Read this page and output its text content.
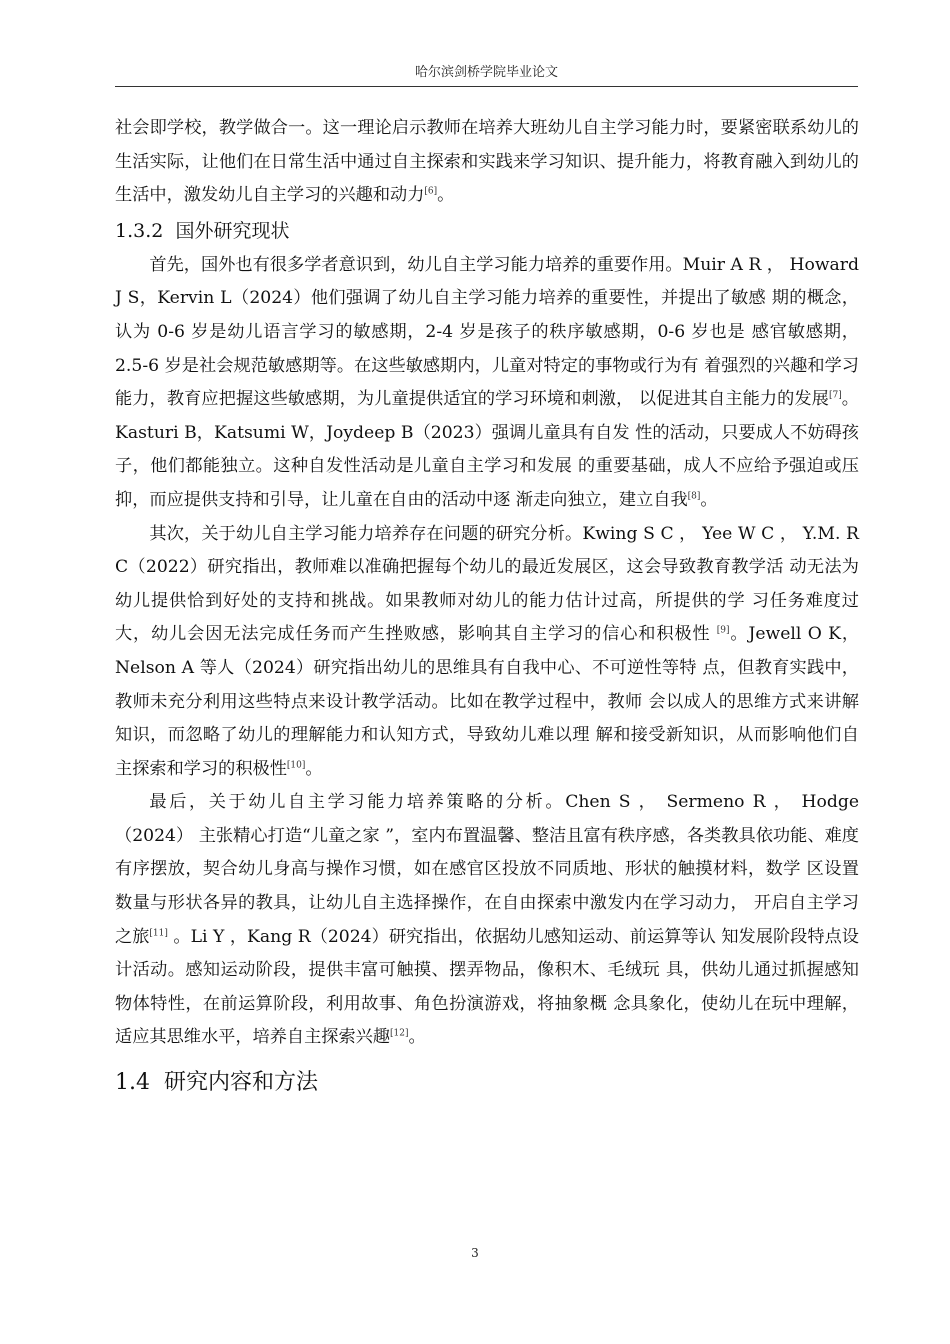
哈尔滨剑桥学院毕业论文

社会即学校，教学做合一。这一理论启示教师在培养大班幼儿自主学习能力时，要紧密联系幼儿的生活实际，让他们在日常生活中通过自主探索和实践来学习知识、提升能力，将教育融入到幼儿的生活中，激发幼儿自主学习的兴趣和动力[6]。

1.3.2 国外研究现状

首先，国外也有很多学者意识到，幼儿自主学习能力培养的重要作用。Muir A R ， Howard J S，Kervin L（2024）他们强调了幼儿自主学习能力培养的重要性，并提出了敏感 期的概念，认为 0-6 岁是幼儿语言学习的敏感期，2-4 岁是孩子的秩序敏感期，0-6 岁也是 感官敏感期，2.5-6 岁是社会规范敏感期等。在这些敏感期内，儿童对特定的事物或行为有 着强烈的兴趣和学习能力，教育应把握这些敏感期，为儿童提供适宜的学习环境和刺激， 以促进其自主能力的发展[7]。Kasturi B，Katsumi W，Joydeep B（2023）强调儿童具有自发 性的活动，只要成人不妨碍孩子，他们都能独立。这种自发性活动是儿童自主学习和发展 的重要基础，成人不应给予强迫或压抑，而应提供支持和引导，让儿童在自由的活动中逐 渐走向独立，建立自我[8]。

其次，关于幼儿自主学习能力培养存在问题的研究分析。Kwing S C ， Yee W C ， Y.M. R C（2022）研究指出，教师难以准确把握每个幼儿的最近发展区，这会导致教育教学活 动无法为幼儿提供恰到好处的支持和挑战。如果教师对幼儿的能力估计过高，所提供的学 习任务难度过大，幼儿会因无法完成任务而产生挫败感，影响其自主学习的信心和积极性 [9]。Jewell O K，Nelson A 等人（2024）研究指出幼儿的思维具有自我中心、不可逆性等特 点，但教育实践中，教师未充分利用这些特点来设计教学活动。比如在教学过程中，教师 会以成人的思维方式来讲解知识，而忽略了幼儿的理解能力和认知方式，导致幼儿难以理 解和接受新知识，从而影响他们自主探索和学习的积极性[10]。

最后，关于幼儿自主学习能力培养策略的分析。Chen S ， Sermeno R ， Hodge （2024） 主张精心打造“儿童之家 ”，室内布置温馨、整洁且富有秩序感，各类教具依功能、难度 有序摆放，契合幼儿身高与操作习惯，如在感官区投放不同质地、形状的触摸材料，数学 区设置数量与形状各异的教具，让幼儿自主选择操作，在自由探索中激发内在学习动力， 开启自主学习之旅[11] 。Li Y ，Kang R（2024）研究指出，依据幼儿感知运动、前运算等认 知发展阶段特点设计活动。感知运动阶段，提供丰富可触摸、摆弄物品，像积木、毛绒玩 具，供幼儿通过抓握感知物体特性，在前运算阶段，利用故事、角色扮演游戏，将抽象概 念具象化，使幼儿在玩中理解，适应其思维水平，培养自主探索兴趣[12]。

1.4 研究内容和方法
3
